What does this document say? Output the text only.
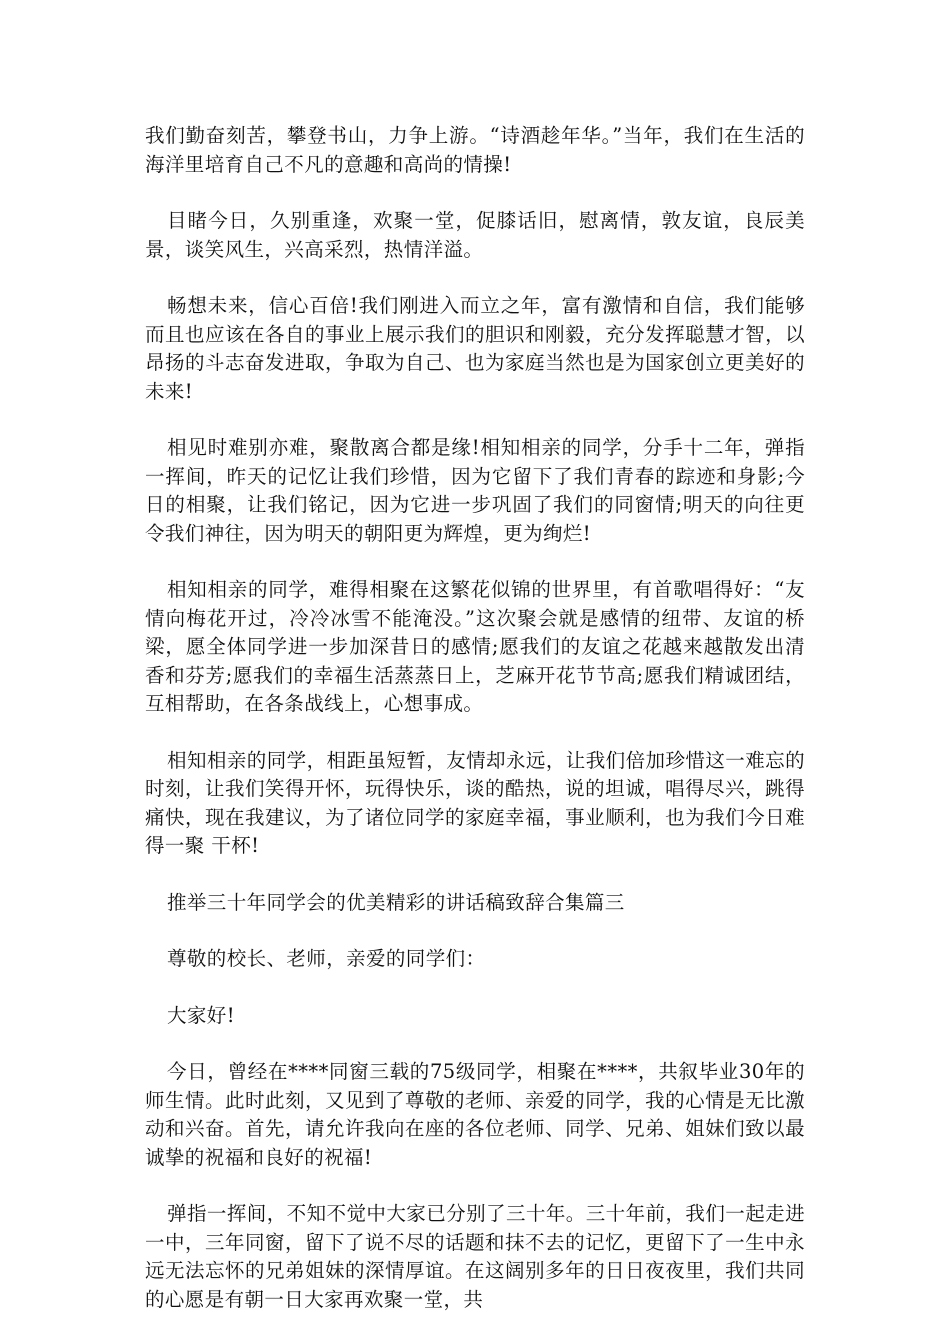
我们勤奋刻苦，攀登书山，力争上游。“诗酒趁年华。”当年，我们在生活的海洋里培育自己不凡的意趣和高尚的情操!

目睹今日，久别重逢，欢聚一堂，促膝话旧，慰离情，敦友谊，良辰美景，谈笑风生，兴高采烈，热情洋溢。

畅想未来，信心百倍!我们刚进入而立之年，富有激情和自信，我们能够而且也应该在各自的事业上展示我们的胆识和刚毅，充分发挥聪慧才智，以昂扬的斗志奋发进取，争取为自己、也为家庭当然也是为国家创立更美好的未来!

相见时难别亦难，聚散离合都是缘!相知相亲的同学，分手十二年，弹指一挥间，昨天的记忆让我们珍惜，因为它留下了我们青春的踪迹和身影;今日的相聚，让我们铭记，因为它进一步巩固了我们的同窗情;明天的向往更令我们神往，因为明天的朝阳更为辉煌，更为绚烂!

相知相亲的同学，难得相聚在这繁花似锦的世界里，有首歌唱得好：“友情向梅花开过，冷冷冰雪不能淹没。”这次聚会就是感情的纽带、友谊的桥梁，愿全体同学进一步加深昔日的感情;愿我们的友谊之花越来越散发出清香和芬芳;愿我们的幸福生活蒸蒸日上，芝麻开花节节高;愿我们精诚团结，互相帮助，在各条战线上，心想事成。

相知相亲的同学，相距虽短暂，友情却永远，让我们倍加珍惜这一难忘的时刻，让我们笑得开怀，玩得快乐，谈的酷热，说的坦诚，唱得尽兴，跳得痛快，现在我建议，为了诸位同学的家庭幸福，事业顺利，也为我们今日难得一聚 干杯!

推举三十年同学会的优美精彩的讲话稿致辞合集篇三

尊敬的校长、老师，亲爱的同学们：

大家好!

今日，曾经在****同窗三载的75级同学，相聚在****，共叙毕业30年的师生情。此时此刻，又见到了尊敬的老师、亲爱的同学，我的心情是无比激动和兴奋。首先，请允许我向在座的各位老师、同学、兄弟、姐妹们致以最诚挚的祝福和良好的祝福!

弹指一挥间，不知不觉中大家已分别了三十年。三十年前，我们一起走进一中，三年同窗，留下了说不尽的话题和抹不去的记忆，更留下了一生中永远无法忘怀的兄弟姐妹的深情厚谊。在这阔别多年的日日夜夜里，我们共同的心愿是有朝一日大家再欢聚一堂，共
